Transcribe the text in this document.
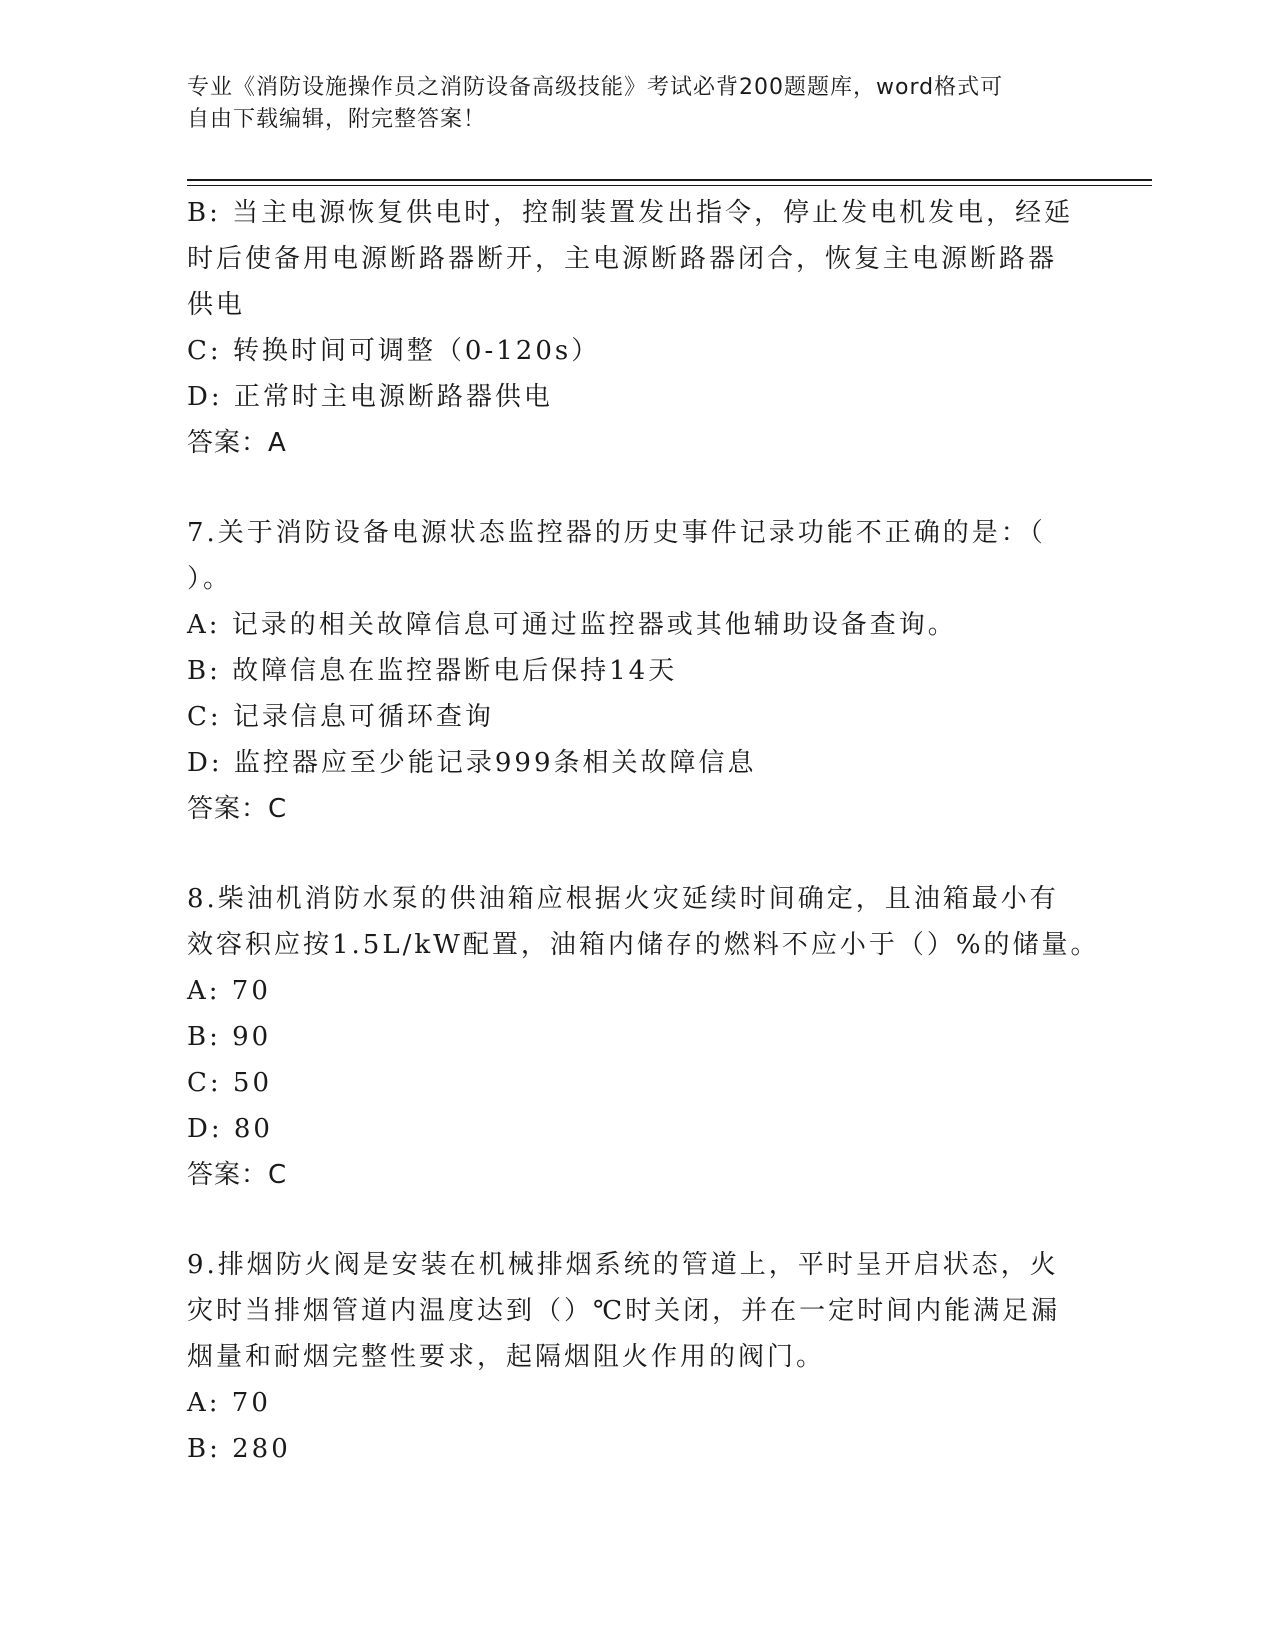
专业《消防设施操作员之消防设备高级技能》考试必背200题题库，word格式可
自由下载编辑，附完整答案！
B: 当主电源恢复供电时，控制装置发出指令，停止发电机发电，经延
时后使备用电源断路器断开，主电源断路器闭合，恢复主电源断路器
供电
C: 转换时间可调整（0-120s）
D: 正常时主电源断路器供电
答案：A
7.关于消防设备电源状态监控器的历史事件记录功能不正确的是：（
）。
A: 记录的相关故障信息可通过监控器或其他辅助设备查询。
B: 故障信息在监控器断电后保持14天
C: 记录信息可循环查询
D: 监控器应至少能记录999条相关故障信息
答案：C
8.柴油机消防水泵的供油箱应根据火灾延续时间确定，且油箱最小有
效容积应按1.5L/kW配置，油箱内储存的燃料不应小于（）%的储量。
A: 70
B: 90
C: 50
D: 80
答案：C
9.排烟防火阀是安装在机械排烟系统的管道上，平时呈开启状态，火
灾时当排烟管道内温度达到（）℃时关闭，并在一定时间内能满足漏
烟量和耐烟完整性要求，起隔烟阻火作用的阀门。
A: 70
B: 280
